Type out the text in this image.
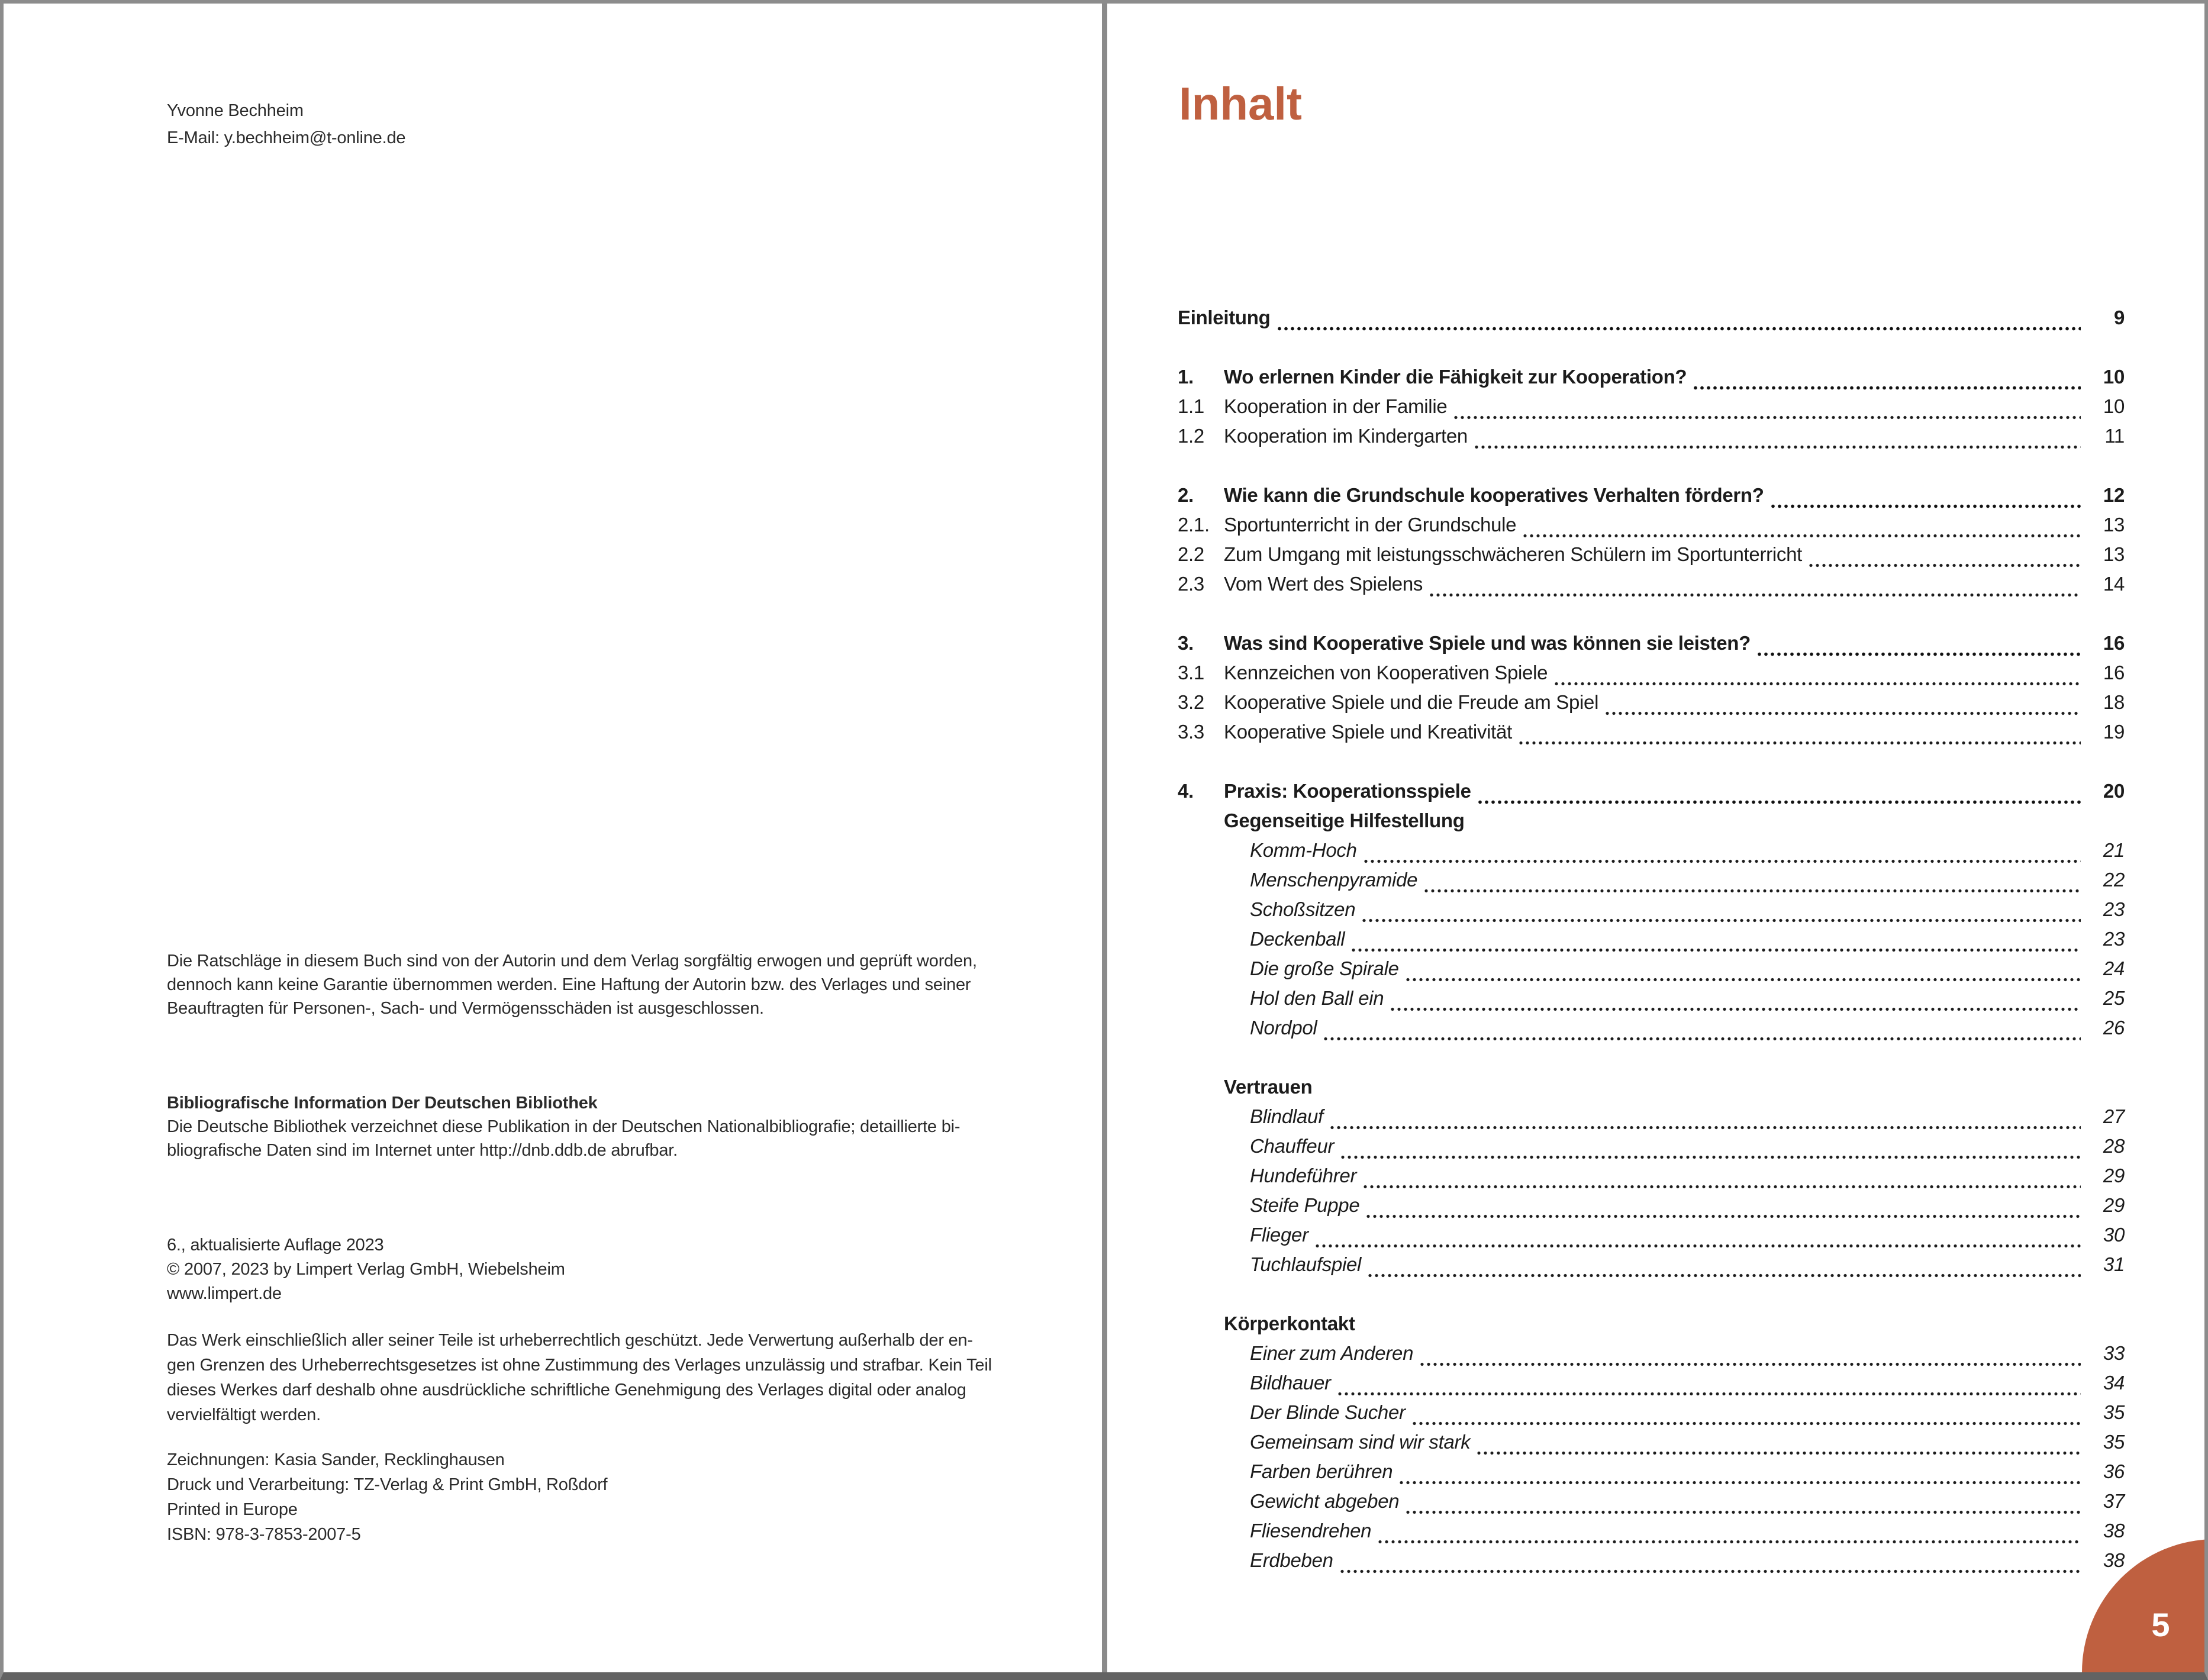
Yvonne Bechheim
E-Mail: y.bechheim@t-online.de
Die Ratschläge in diesem Buch sind von der Autorin und dem Verlag sorgfältig erwogen und geprüft worden,
dennoch kann keine Garantie übernommen werden. Eine Haftung der Autorin bzw. des Verlages und seiner
Beauftragten für Personen-, Sach- und Vermögensschäden ist ausgeschlossen.
Bibliografische Information Der Deutschen Bibliothek
Die Deutsche Bibliothek verzeichnet diese Publikation in der Deutschen Nationalbibliografie; detaillierte bi-
bliografische Daten sind im Internet unter http://dnb.ddb.de abrufbar.
6., aktualisierte Auflage 2023
© 2007, 2023 by Limpert Verlag GmbH, Wiebelsheim
www.limpert.de
Das Werk einschließlich aller seiner Teile ist urheberrechtlich geschützt. Jede Verwertung außerhalb der en-
gen Grenzen des Urheberrechtsgesetzes ist ohne Zustimmung des Verlages unzulässig und strafbar. Kein Teil
dieses Werkes darf deshalb ohne ausdrückliche schriftliche Genehmigung des Verlages digital oder analog
vervielfältigt werden.
Zeichnungen: Kasia Sander, Recklinghausen
Druck und Verarbeitung: TZ-Verlag & Print GmbH, Roßdorf
Printed in Europe
ISBN: 978-3-7853-2007-5
Inhalt
Einleitung	9
1.	Wo erlernen Kinder die Fähigkeit zur Kooperation?	10
1.1	Kooperation in der Familie	10
1.2	Kooperation im Kindergarten	11
2.	Wie kann die Grundschule kooperatives Verhalten fördern?	12
2.1. Sportunterricht in der Grundschule	13
2.2	Zum Umgang mit leistungsschwächeren Schülern im Sportunterricht	13
2.3	Vom Wert des Spielens	14
3.	Was sind Kooperative Spiele und was können sie leisten?	16
3.1	Kennzeichen von Kooperativen Spiele	16
3.2	Kooperative Spiele und die Freude am Spiel	18
3.3	Kooperative Spiele und Kreativität	19
4.	Praxis: Kooperationsspiele	20
Gegenseitige Hilfestellung
Komm-Hoch	21
Menschenpyramide	22
Schoßsitzen	23
Deckenball	23
Die große Spirale	24
Hol den Ball ein	25
Nordpol	26
Vertrauen
Blindlauf	27
Chauffeur	28
Hundeführer	29
Steife Puppe	29
Flieger	30
Tuchlaufspiel	31
Körperkontakt
Einer zum Anderen	33
Bildhauer	34
Der Blinde Sucher	35
Gemeinsam sind wir stark	35
Farben berühren	36
Gewicht abgeben	37
Fliesendrehen	38
Erdbeben	38
5
